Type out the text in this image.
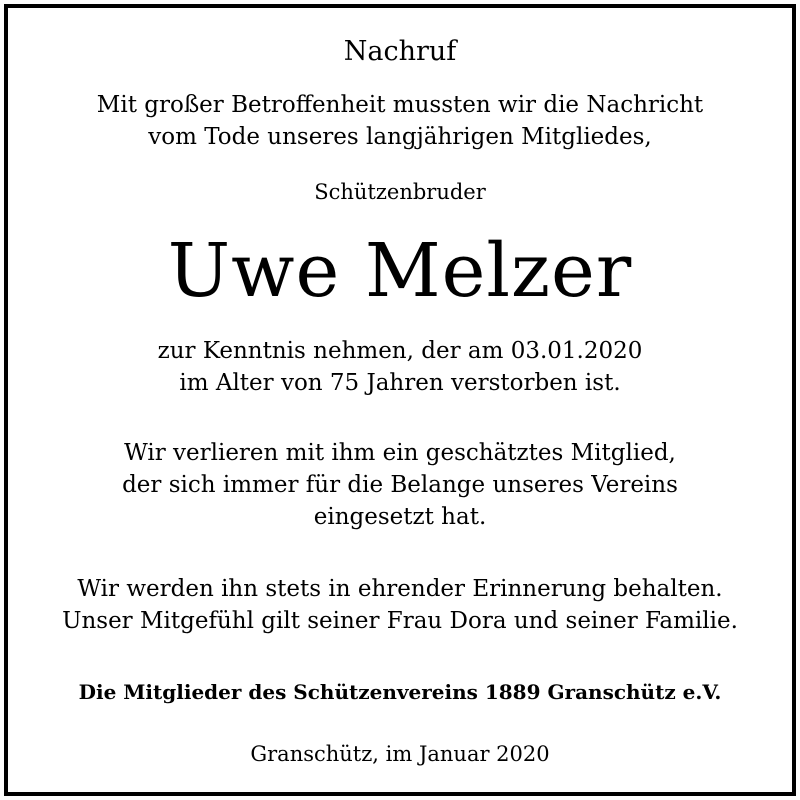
Nachruf
Mit großer Betroffenheit mussten wir die Nachricht
vom Tode unseres langjährigen Mitgliedes,
Schützenbruder
Uwe Melzer
zur Kenntnis nehmen, der am 03.01.2020
im Alter von 75 Jahren verstorben ist.
Wir verlieren mit ihm ein geschätztes Mitglied,
der sich immer für die Belange unseres Vereins
eingesetzt hat.
Wir werden ihn stets in ehrender Erinnerung behalten.
Unser Mitgefühl gilt seiner Frau Dora und seiner Familie.
Die Mitglieder des Schützenvereins 1889 Granschütz e.V.
Granschütz, im Januar 2020
